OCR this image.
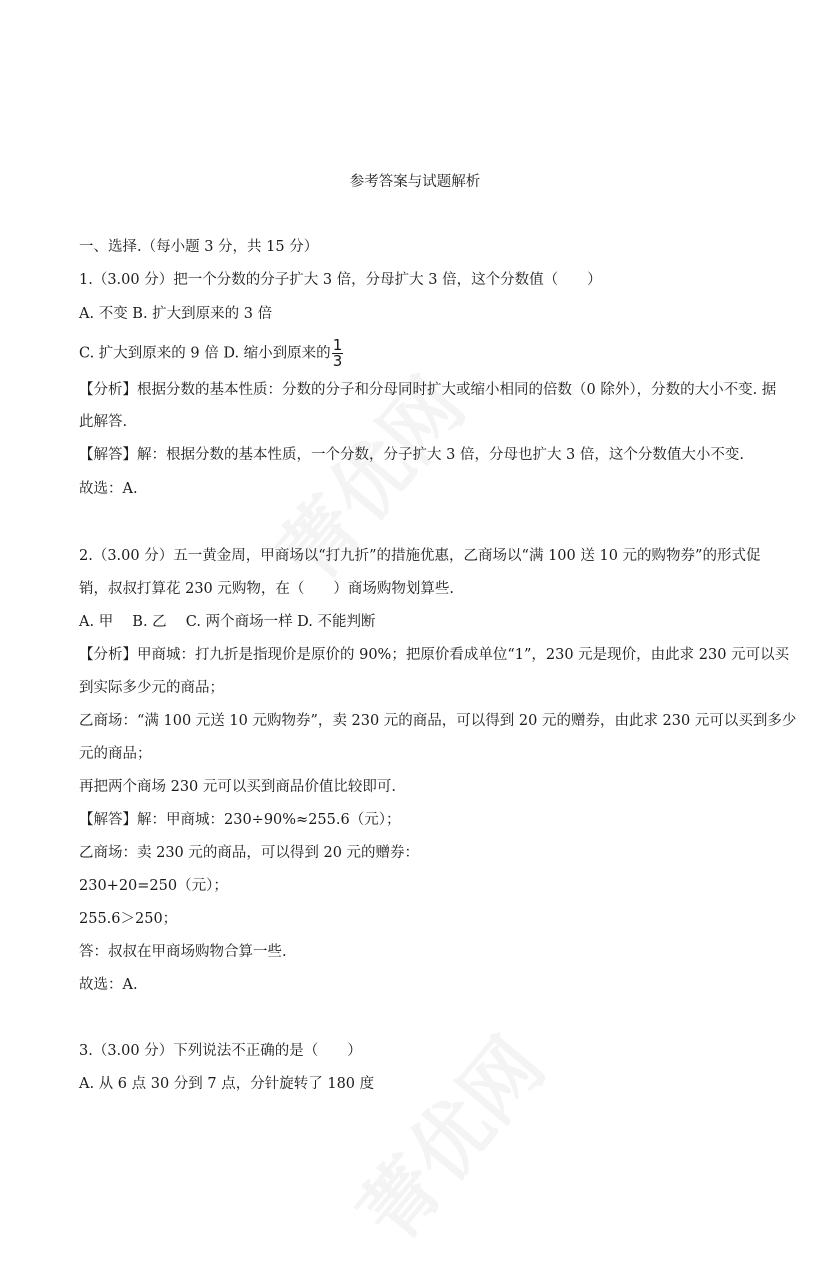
参考答案与试题解析
一、选择.（每小题 3 分，共 15 分）
1.（3.00 分）把一个分数的分子扩大 3 倍，分母扩大 3 倍，这个分数值（　　）
A. 不变 B. 扩大到原来的 3 倍
C. 扩大到原来的 9 倍 D. 缩小到原来的 $\frac{1}{3}$
【分析】根据分数的基本性质：分数的分子和分母同时扩大或缩小相同的倍数（0 除外），分数的大小不变. 据
此解答.
【解答】解：根据分数的基本性质，一个分数，分子扩大 3 倍，分母也扩大 3 倍，这个分数值大小不变.
故选：A.
2.（3.00 分）五一黄金周，甲商场以“打九折”的措施优惠，乙商场以“满 100 送 10 元的购物券”的形式促
销，叔叔打算花 230 元购物，在（　　）商场购物划算些.
A. 甲　 B. 乙　 C. 两个商场一样 D. 不能判断
【分析】甲商城：打九折是指现价是原价的 90%；把原价看成单位“1”，230 元是现价，由此求 230 元可以买
到实际多少元的商品；
乙商场：“满 100 元送 10 元购物券”，卖 230 元的商品，可以得到 20 元的赠券，由此求 230 元可以买到多少
元的商品；
再把两个商场 230 元可以买到商品价值比较即可.
【解答】解：甲商城：230÷90%≈255.6（元）；
乙商场：卖 230 元的商品，可以得到 20 元的赠券：
230+20=250（元）；
255.6＞250；
答：叔叔在甲商场购物合算一些.
故选：A.
3.（3.00 分）下列说法不正确的是（　　）
A. 从 6 点 30 分到 7 点，分针旋转了 180 度
